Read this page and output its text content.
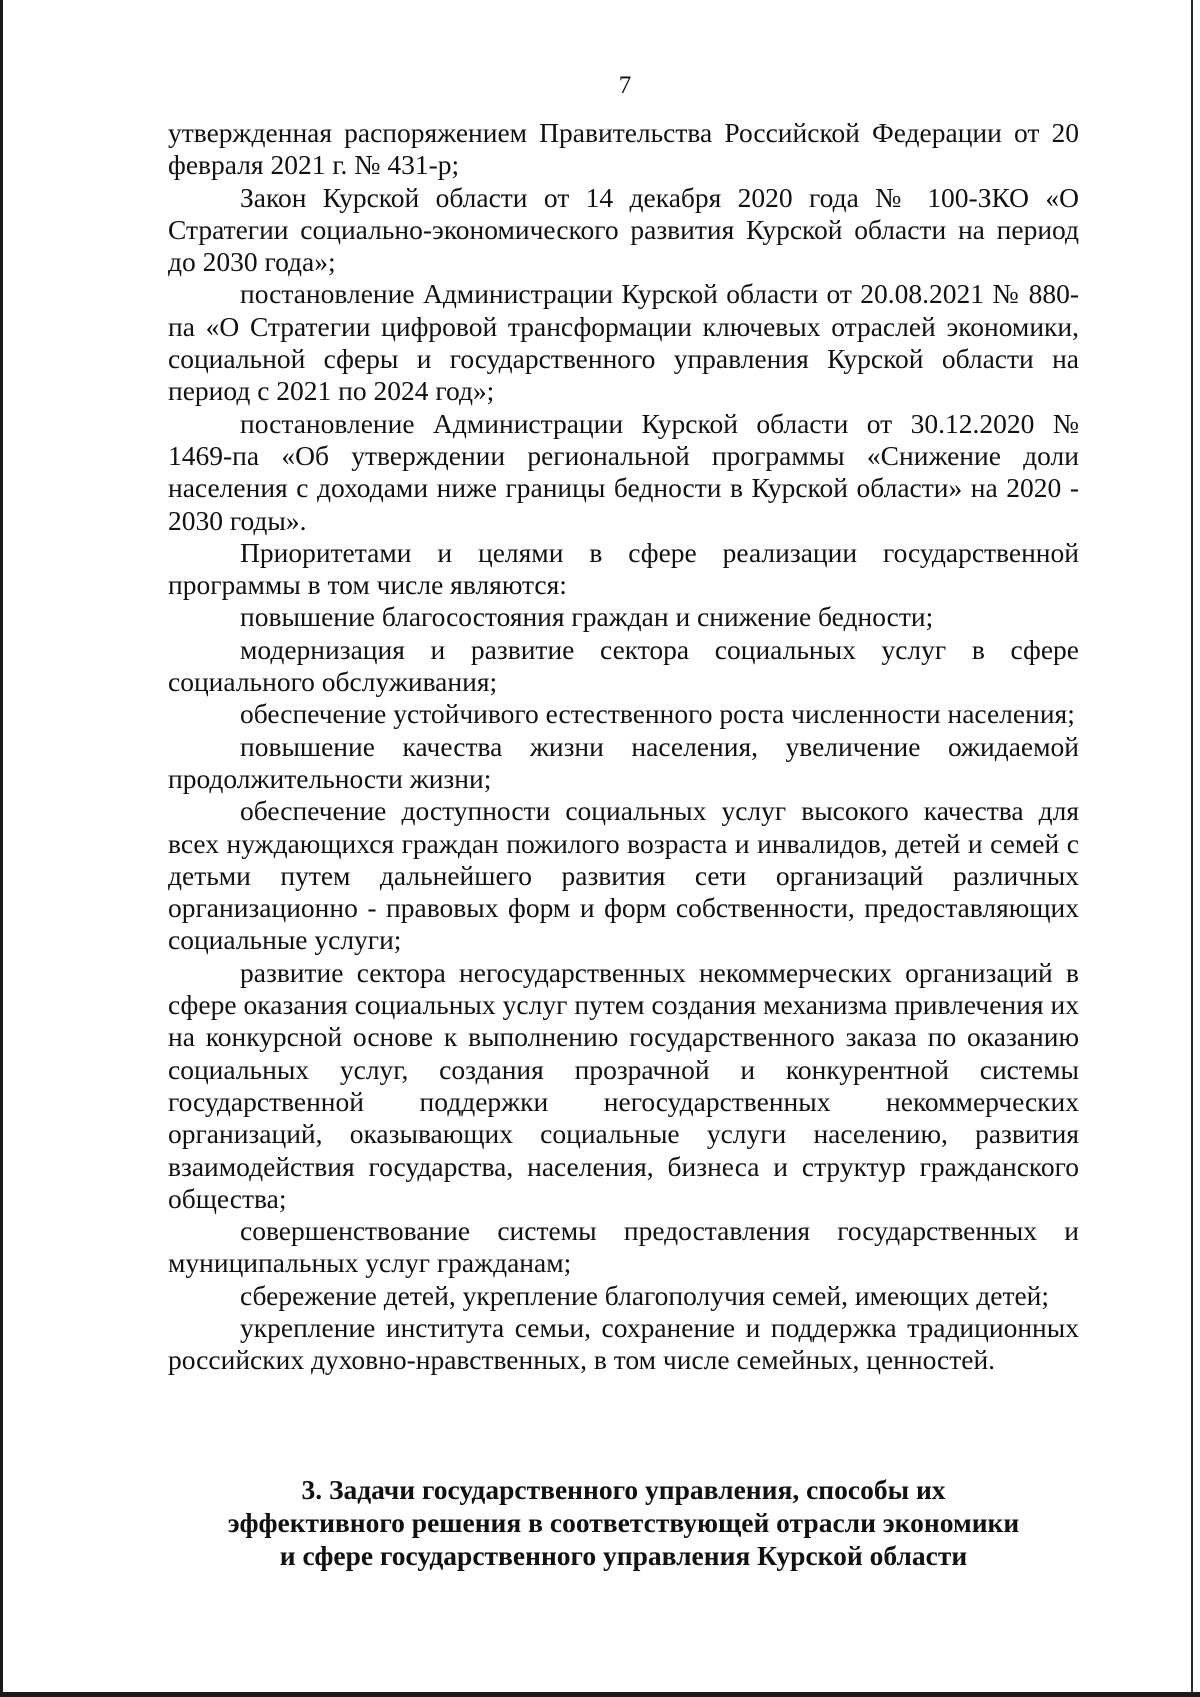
7

утвержденная распоряжением Правительства Российской Федерации от 20 февраля 2021 г. № 431-р;

Закон Курской области от 14 декабря 2020 года № 100-ЗКО «О Стратегии социально-экономического развития Курской области на период до 2030 года»;

постановление Администрации Курской области от 20.08.2021 № 880-па «О Стратегии цифровой трансформации ключевых отраслей экономики, социальной сферы и государственного управления Курской области на период с 2021 по 2024 год»;

постановление Администрации Курской области от 30.12.2020 № 1469-па «Об утверждении региональной программы «Снижение доли населения с доходами ниже границы бедности в Курской области» на 2020 - 2030 годы».

Приоритетами и целями в сфере реализации государственной программы в том числе являются:

повышение благосостояния граждан и снижение бедности;

модернизация и развитие сектора социальных услуг в сфере социального обслуживания;

обеспечение устойчивого естественного роста численности населения;

повышение качества жизни населения, увеличение ожидаемой продолжительности жизни;

обеспечение доступности социальных услуг высокого качества для всех нуждающихся граждан пожилого возраста и инвалидов, детей и семей с детьми путем дальнейшего развития сети организаций различных организационно - правовых форм и форм собственности, предоставляющих социальные услуги;

развитие сектора негосударственных некоммерческих организаций в сфере оказания социальных услуг путем создания механизма привлечения их на конкурсной основе к выполнению государственного заказа по оказанию социальных услуг, создания прозрачной и конкурентной системы государственной поддержки негосударственных некоммерческих организаций, оказывающих социальные услуги населению, развития взаимодействия государства, населения, бизнеса и структур гражданского общества;

совершенствование системы предоставления государственных и муниципальных услуг гражданам;

сбережение детей, укрепление благополучия семей, имеющих детей;

укрепление института семьи, сохранение и поддержка традиционных российских духовно-нравственных, в том числе семейных, ценностей.

3. Задачи государственного управления, способы их
эффективного решения в соответствующей отрасли экономики
и сфере государственного управления Курской области
